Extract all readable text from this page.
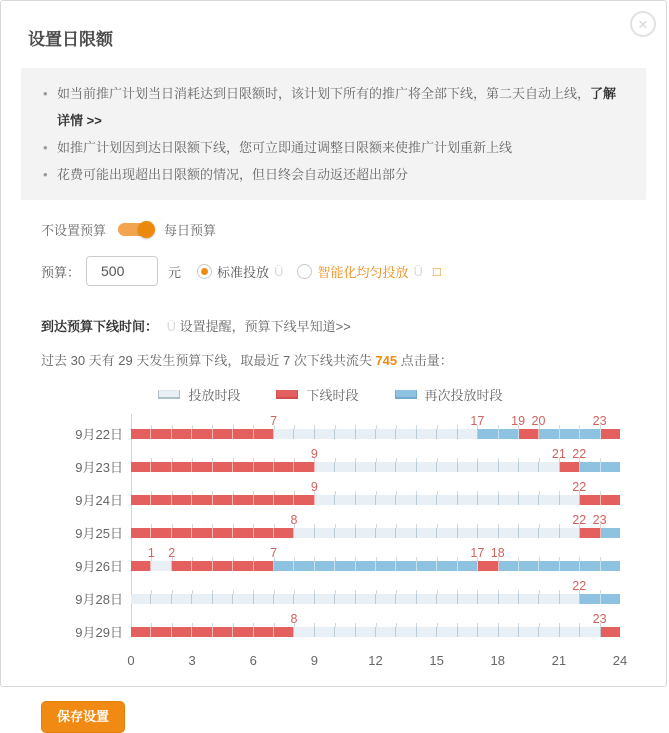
×
设置日限额
• 如当前推广计划当日消耗达到日限额时，该计划下所有的推广将全部下线，第二天自动上线，了解详情 >>
• 如推广计划因到达日限额下线，您可立即通过调整日限额来使推广计划重新上线
• 花费可能出现超出日限额的情况，但日终会自动返还超出部分
不设置预算	每日预算
预算：
500	元	标准投放 Ü	智能化均匀投放 Ü □
到达预算下线时间： Ü 设置提醒，预算下线早知道>>
过去 30 天有 29 天发生预算下线，取最近 7 次下线共流失 745 点击量：
投放时段	下线时段	再次投放时段
9月22日
7	17 19 20	23
9月23日
9	21 22
9月24日
9	22
9月25日
8	22 23
9月26日
1 2	7	17 18
9月28日
22
9月29日
8	23
0	3	6	9	12	15	18	21	24
保存设置
